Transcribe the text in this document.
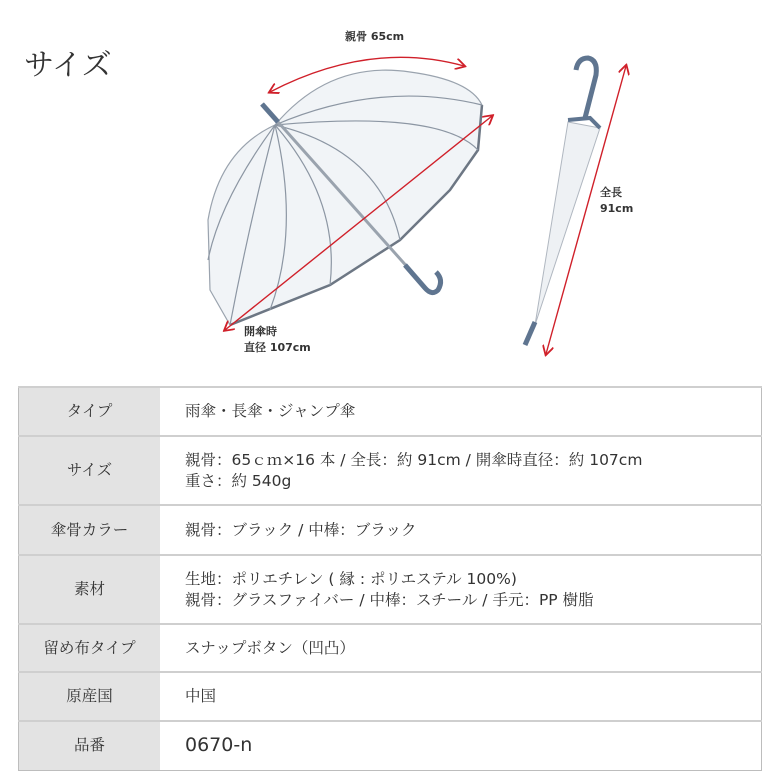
サイズ
親骨 65cm
開傘時
直径 107cm
全長
91cm
タイプ	雨傘・長傘・ジャンプ傘

サイズ	親骨：65ｃｍ×16 本 / 全長：約 91cm / 開傘時直径：約 107cm
重さ：約 540g

傘骨カラー	親骨：ブラック / 中棒：ブラック

素材	生地：ポリエチレン ( 縁 : ポリエステル 100%)
親骨：グラスファイバー / 中棒：スチール / 手元：PP 樹脂

留め布タイプ	スナップボタン（凹凸）

原産国	中国

品番	0670-n
